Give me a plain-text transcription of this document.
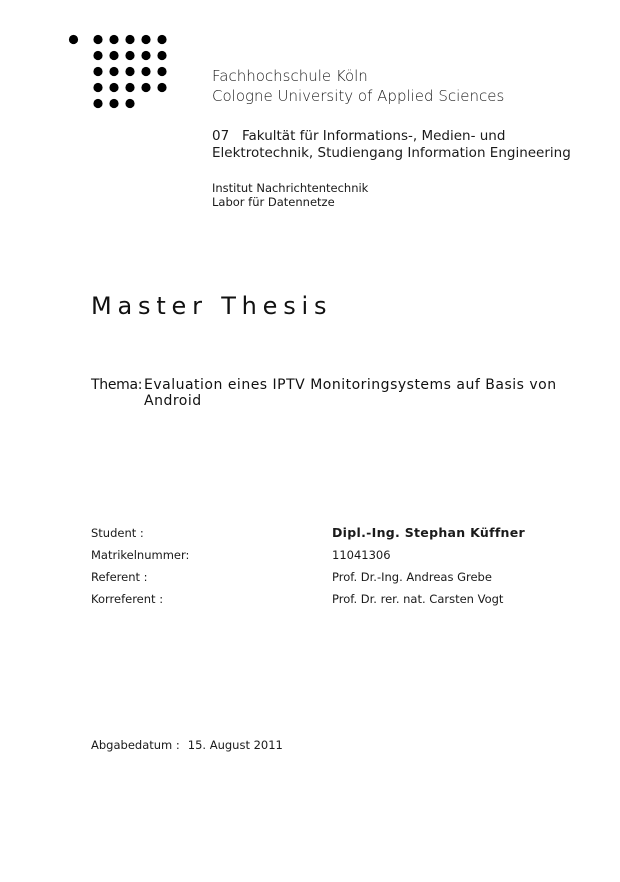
Fachhochschule Köln
Cologne University of Applied Sciences
07 Fakultät für Informations-, Medien- und
Elektrotechnik, Studiengang Information Engineering
Institut Nachrichtentechnik
Labor für Datennetze
Master Thesis
Thema: Evaluation eines IPTV Monitoringsystems auf Basis von
Android
Student :	Dipl.-Ing. Stephan Küffner
Matrikelnummer:	11041306
Referent :	Prof. Dr.-Ing. Andreas Grebe
Korreferent :	Prof. Dr. rer. nat. Carsten Vogt
Abgabedatum : 15. August 2011
